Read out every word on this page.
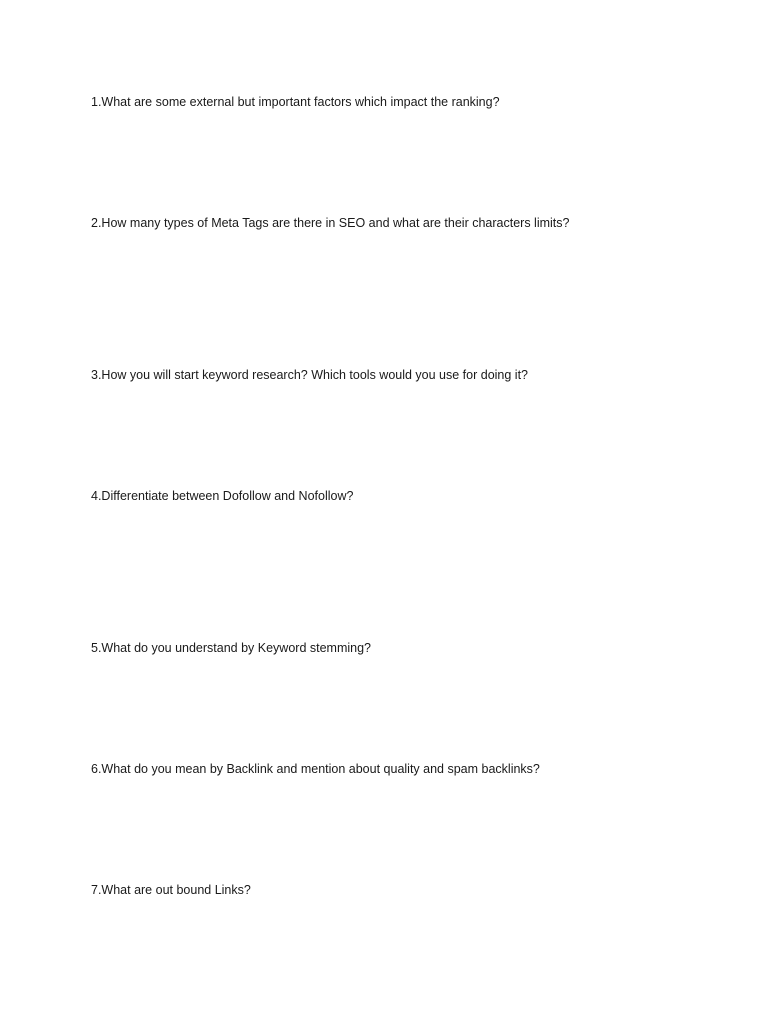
1.What are some external but important factors which impact the ranking?

2.How many types of Meta Tags are there in SEO and what are their characters limits?

3.How you will start keyword research? Which tools would you use for doing it?

4.Differentiate between Dofollow and Nofollow?

5.What do you understand by Keyword stemming?

6.What do you mean by Backlink and mention about quality and spam backlinks?

7.What are out bound Links?
